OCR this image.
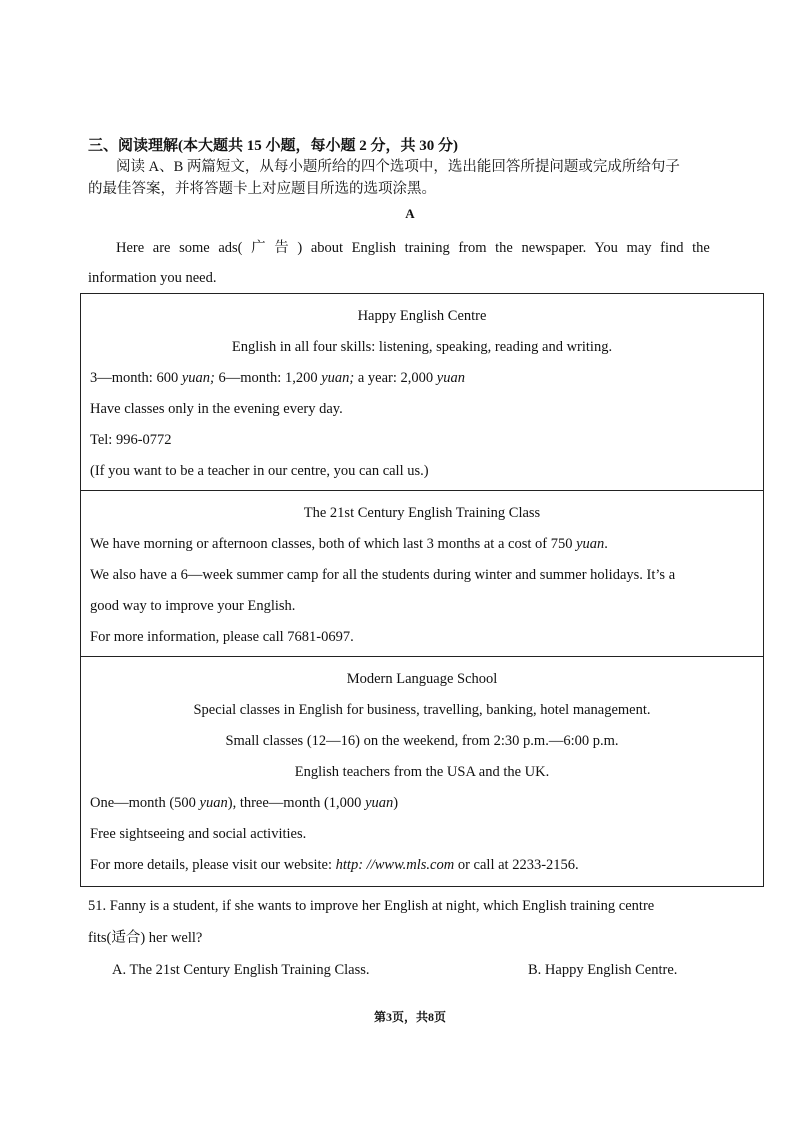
三、阅读理解(本大题共 15 小题，每小题 2 分，共 30 分)
阅读 A、B 两篇短文，从每小题所给的四个选项中，选出能回答所提问题或完成所给句子
的最佳答案，并将答题卡上对应题目所选的选项涂黑。
A
Here are some ads( 广 告 ) about English training from the newspaper. You may find the
information you need.
Happy English Centre
English in all four skills: listening, speaking, reading and writing.
3—month: 600 yuan; 6—month: 1,200 yuan; a year: 2,000 yuan
Have classes only in the evening every day.
Tel: 996-0772
(If you want to be a teacher in our centre, you can call us.)
The 21st Century English Training Class
We have morning or afternoon classes, both of which last 3 months at a cost of 750 yuan.
We also have a 6—week summer camp for all the students during winter and summer holidays. It’s a
good way to improve your English.
For more information, please call 7681-0697.
Modern Language School
Special classes in English for business, travelling, banking, hotel management.
Small classes (12—16) on the weekend, from 2:30 p.m.—6:00 p.m.
English teachers from the USA and the UK.
One—month (500 yuan), three—month (1,000 yuan)
Free sightseeing and social activities.
For more details, please visit our website: http: //www.mls.com or call at 2233-2156.
51. Fanny is a student, if she wants to improve her English at night, which English training centre
fits(适合) her well?
A. The 21st Century English Training Class.	B. Happy English Centre.
第3页，共8页
